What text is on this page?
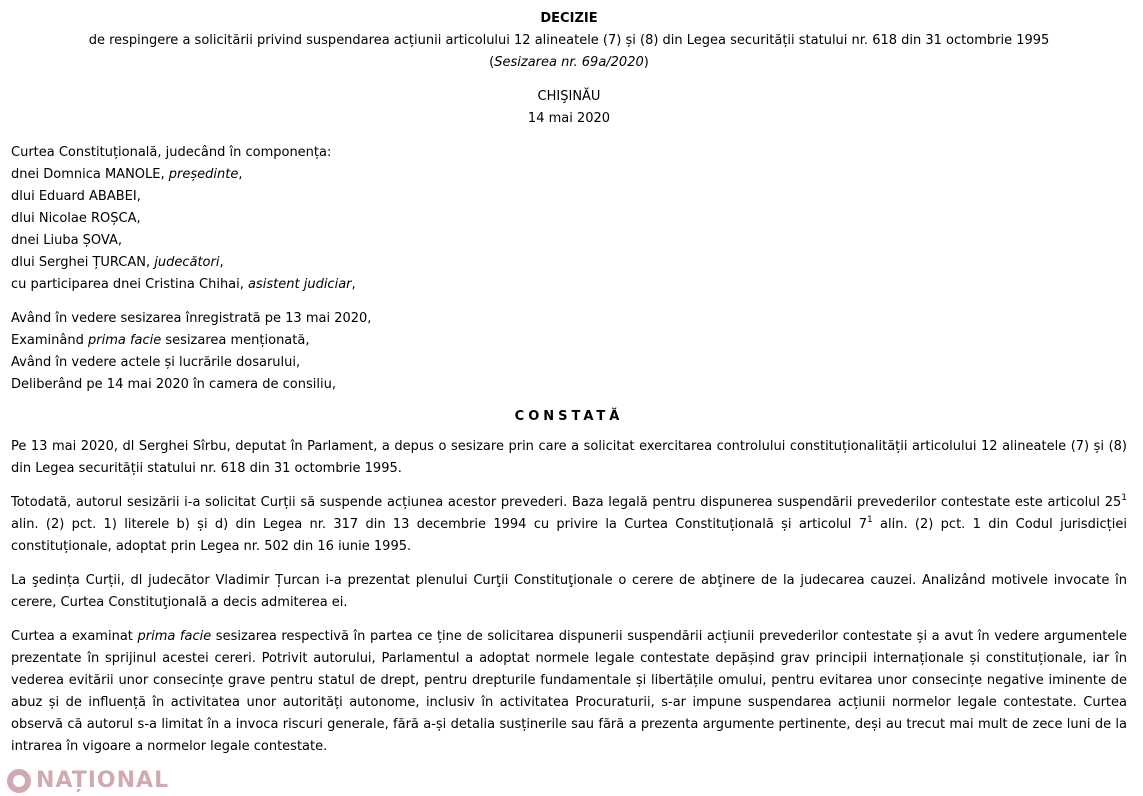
DECIZIE
de respingere a solicitării privind suspendarea acțiunii articolului 12 alineatele (7) și (8) din Legea securității statului nr. 618 din 31 octombrie 1995
(Sesizarea nr. 69a/2020)
CHIŞINĂU
14 mai 2020
Curtea Constituțională, judecând în componența:
dnei Domnica MANOLE, președinte,
dlui Eduard ABABEI,
dlui Nicolae ROȘCA,
dnei Liuba ȘOVA,
dlui Serghei ȚURCAN, judecători,
cu participarea dnei Cristina Chihai, asistent judiciar,
Având în vedere sesizarea înregistrată pe 13 mai 2020,
Examinând prima facie sesizarea menționată,
Având în vedere actele și lucrările dosarului,
Deliberând pe 14 mai 2020 în camera de consiliu,
CONSTATĂ

Pe 13 mai 2020, dl Serghei Sîrbu, deputat în Parlament, a depus o sesizare prin care a solicitat exercitarea controlului constituționalității articolului 12 alineatele (7) și (8) din Legea securității statului nr. 618 din 31 octombrie 1995.

Totodată, autorul sesizării i-a solicitat Curții să suspende acțiunea acestor prevederi. Baza legală pentru dispunerea suspendării prevederilor contestate este articolul $25^1$ alin. (2) pct. 1) literele b) și d) din Legea nr. 317 din 13 decembrie 1994 cu privire la Curtea Constituțională și articolul $7^1$ alin. (2) pct. 1 din Codul jurisdicției constituționale, adoptat prin Legea nr. 502 din 16 iunie 1995.

La şedința Curții, dl judecător Vladimir Țurcan i-a prezentat plenului Curţii Constituţionale o cerere de abţinere de la judecarea cauzei. Analizând motivele invocate în cerere, Curtea Constituţională a decis admiterea ei.

Curtea a examinat prima facie sesizarea respectivă în partea ce ține de solicitarea dispunerii suspendării acțiunii prevederilor contestate și a avut în vedere argumentele prezentate în sprijinul acestei cereri. Potrivit autorului, Parlamentul a adoptat normele legale contestate depășind grav principii internaționale și constituționale, iar în vederea evitării unor consecințe grave pentru statul de drept, pentru drepturile fundamentale și libertățile omului, pentru evitarea unor consecințe negative iminente de abuz și de influență în activitatea unor autorități autonome, inclusiv în activitatea Procuraturii, s-ar impune suspendarea acțiunii normelor legale contestate. Curtea observă că autorul s-a limitat în a invoca riscuri generale, fără a-și detalia susținerile sau fără a prezenta argumente pertinente, deși au trecut mai mult de zece luni de la intrarea în vigoare a normelor legale contestate.

NAȚIONAL
